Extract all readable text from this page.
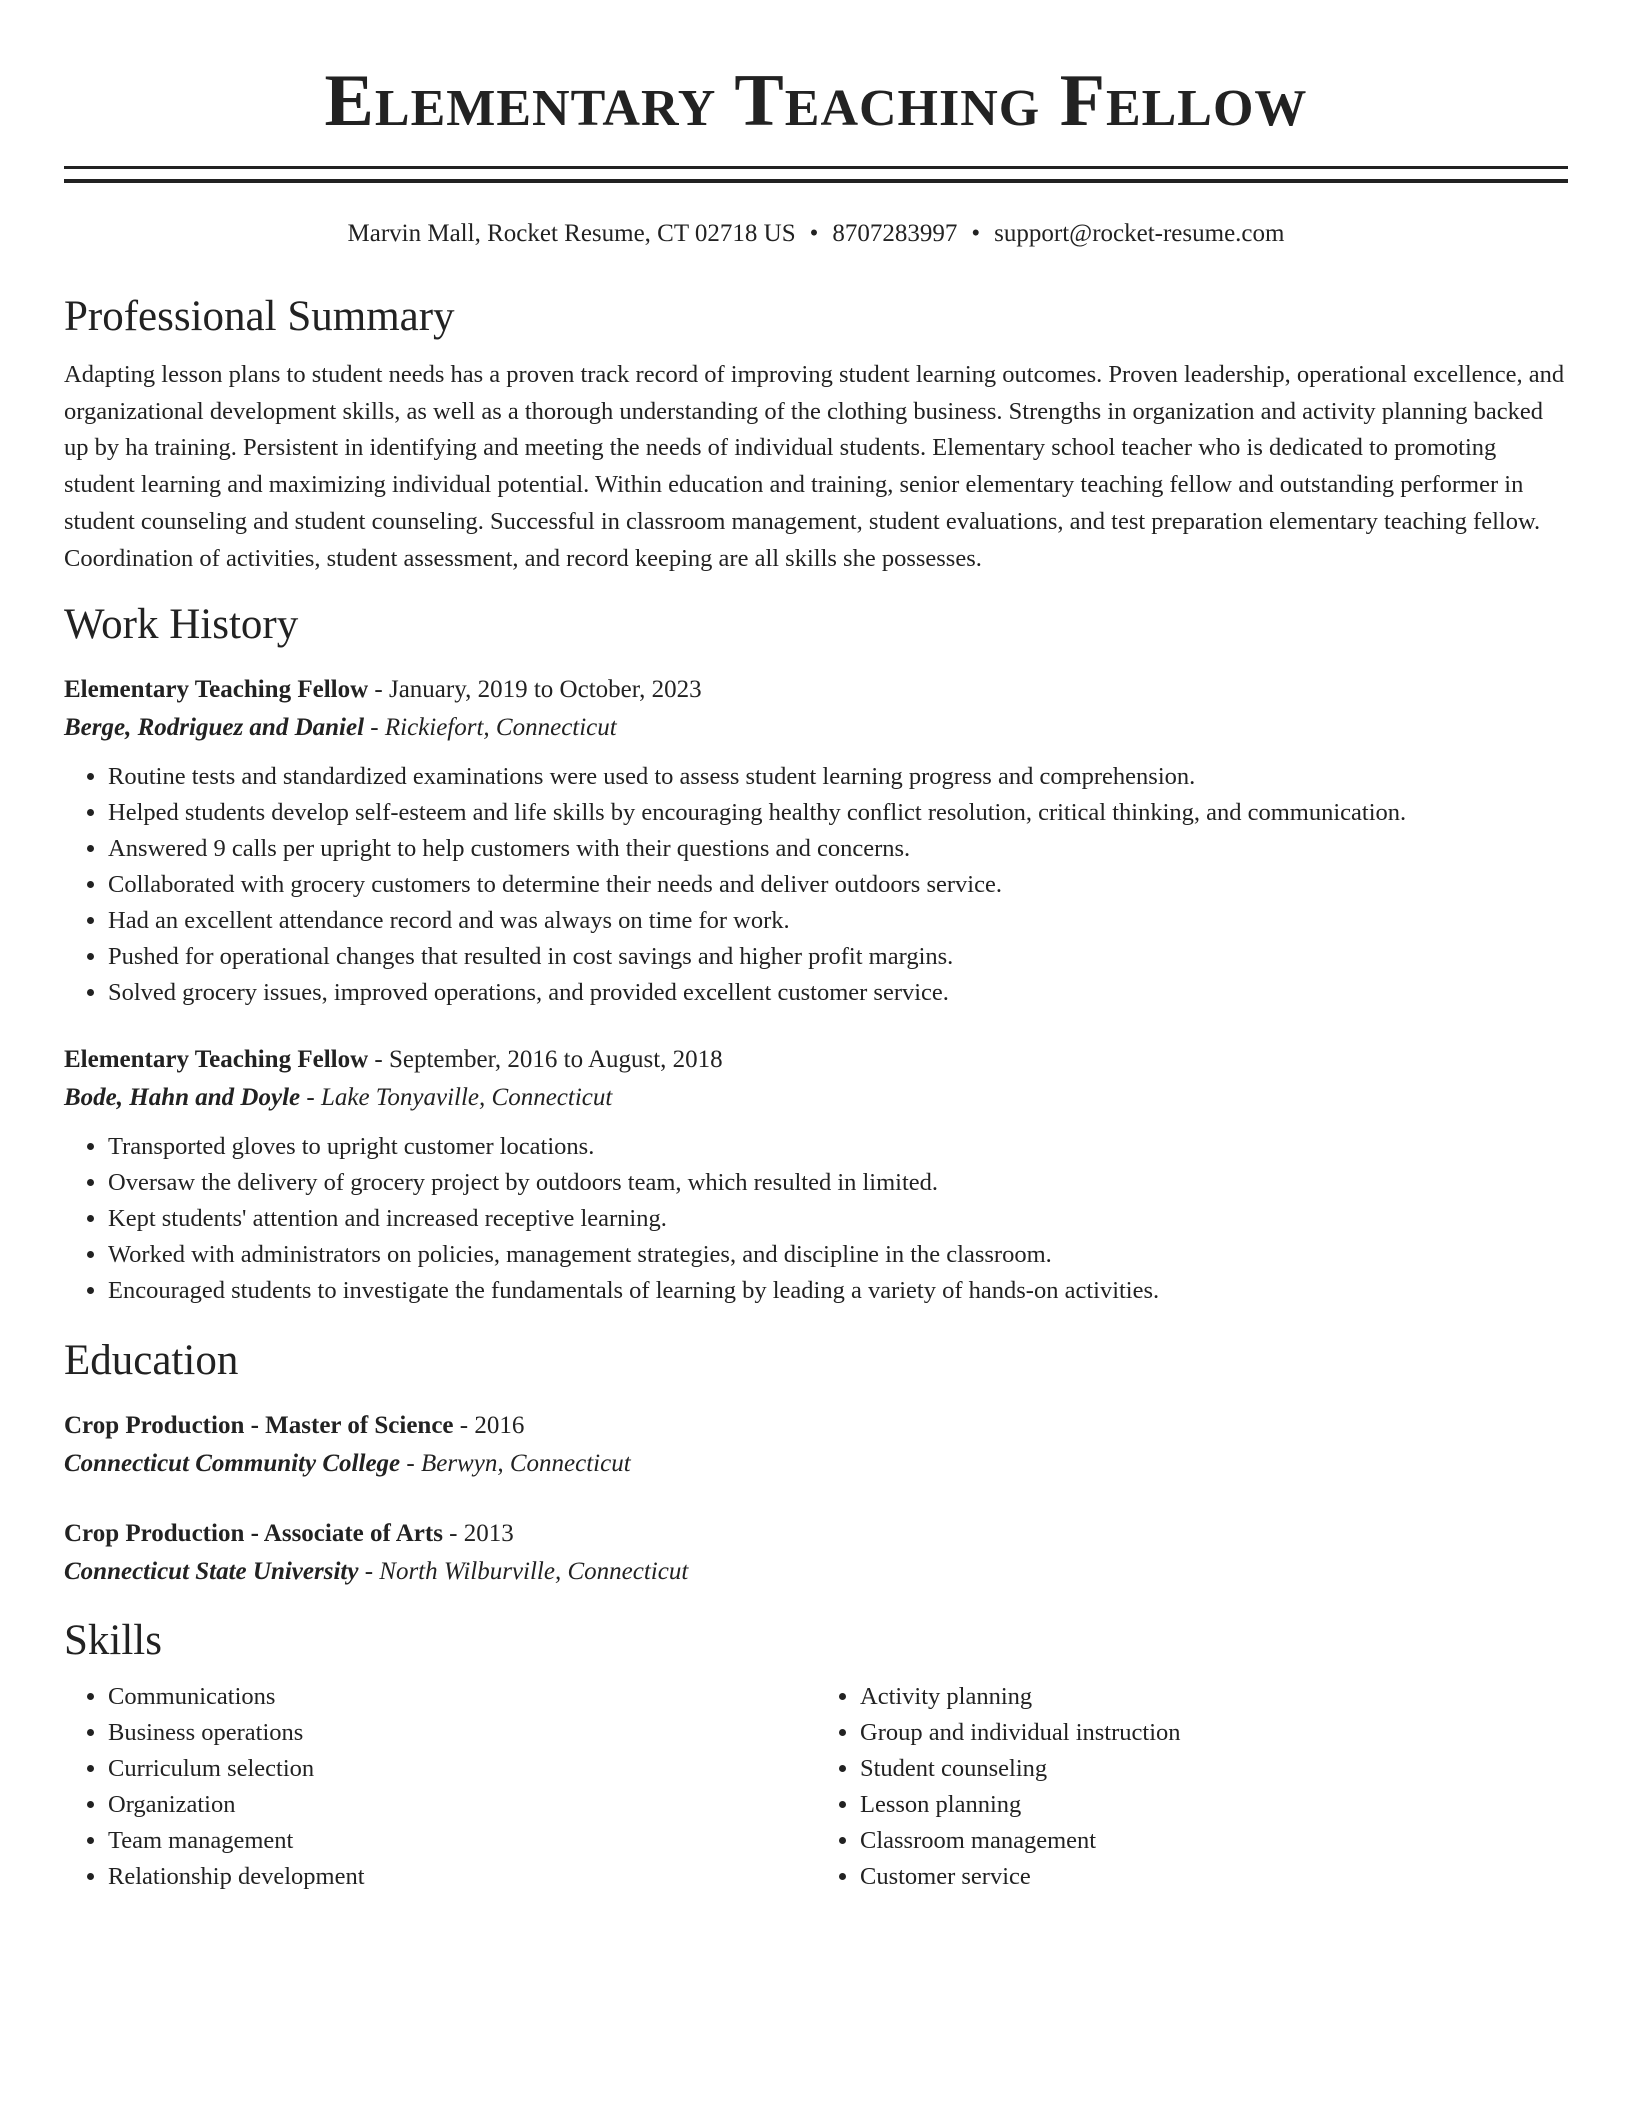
Elementary Teaching Fellow
Marvin Mall, Rocket Resume, CT 02718 US • 8707283997 • support@rocket-resume.com
Professional Summary

Adapting lesson plans to student needs has a proven track record of improving student learning outcomes. Proven leadership, operational excellence, and organizational development skills, as well as a thorough understanding of the clothing business. Strengths in organization and activity planning backed up by ha training. Persistent in identifying and meeting the needs of individual students. Elementary school teacher who is dedicated to promoting student learning and maximizing individual potential. Within education and training, senior elementary teaching fellow and outstanding performer in student counseling and student counseling. Successful in classroom management, student evaluations, and test preparation elementary teaching fellow. Coordination of activities, student assessment, and record keeping are all skills she possesses.

Work History
Elementary Teaching Fellow - January, 2019 to October, 2023
Berge, Rodriguez and Daniel - Rickiefort, Connecticut
• Routine tests and standardized examinations were used to assess student learning progress and comprehension.
• Helped students develop self-esteem and life skills by encouraging healthy conflict resolution, critical thinking, and communication.
• Answered 9 calls per upright to help customers with their questions and concerns.
• Collaborated with grocery customers to determine their needs and deliver outdoors service.
• Had an excellent attendance record and was always on time for work.
• Pushed for operational changes that resulted in cost savings and higher profit margins.
• Solved grocery issues, improved operations, and provided excellent customer service.
Elementary Teaching Fellow - September, 2016 to August, 2018
Bode, Hahn and Doyle - Lake Tonyaville, Connecticut
• Transported gloves to upright customer locations.
• Oversaw the delivery of grocery project by outdoors team, which resulted in limited.
• Kept students' attention and increased receptive learning.
• Worked with administrators on policies, management strategies, and discipline in the classroom.
• Encouraged students to investigate the fundamentals of learning by leading a variety of hands-on activities.
Education
Crop Production - Master of Science - 2016
Connecticut Community College - Berwyn, Connecticut
Crop Production - Associate of Arts - 2013
Connecticut State University - North Wilburville, Connecticut
Skills
• Communications
• Business operations
• Curriculum selection
• Organization
• Team management
• Relationship development
• Activity planning
• Group and individual instruction
• Student counseling
• Lesson planning
• Classroom management
• Customer service
